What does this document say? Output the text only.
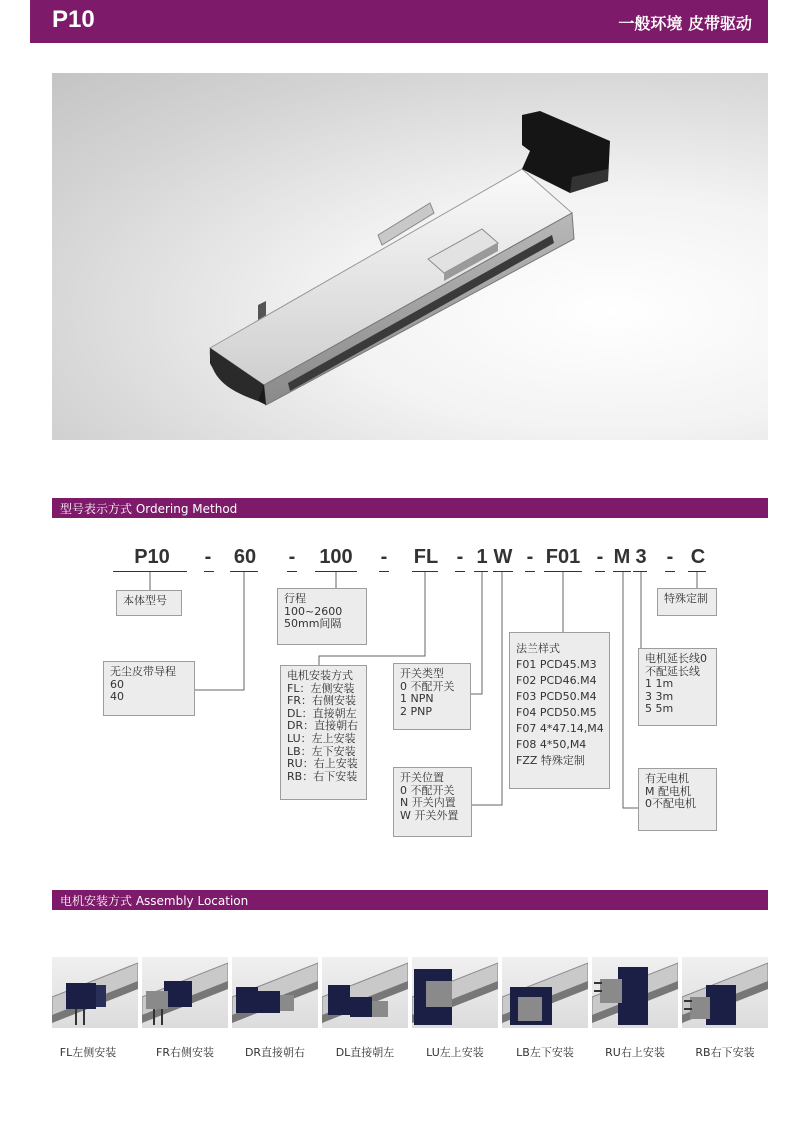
P10	一般环境 皮带驱动
型号表示方式 Ordering Method
P10	-	60	-	100	-	FL - 1 W - F01 - M 3	- C
本体型号	行程
100~2600
50mm间隔
无尘皮带导程
60
40
电机安装方式
FL：左侧安装
FR：右侧安装
DL：直接朝左
DR：直接朝右
LU：左上安装
LB：左下安装
RU：右上安装
RB：右下安装
开关类型
0 不配开关
1 NPN
2 PNP
开关位置
0 不配开关
N 开关内置
W 开关外置
法兰样式
F01 PCD45.M3
F02 PCD46.M4
F03 PCD50.M4
F04 PCD50.M5
F07 4*47.14,M4
F08 4*50,M4
FZZ 特殊定制
电机延长线0
不配延长线
1 1m
3 3m
5 5m
有无电机
M 配电机
0不配电机
特殊定制
电机安装方式 Assembly Location
FL左侧安装	FR右侧安装	DR直接朝右	DL直接朝左	LU左上安装	LB左下安装	RU右上安装	RB右下安装
